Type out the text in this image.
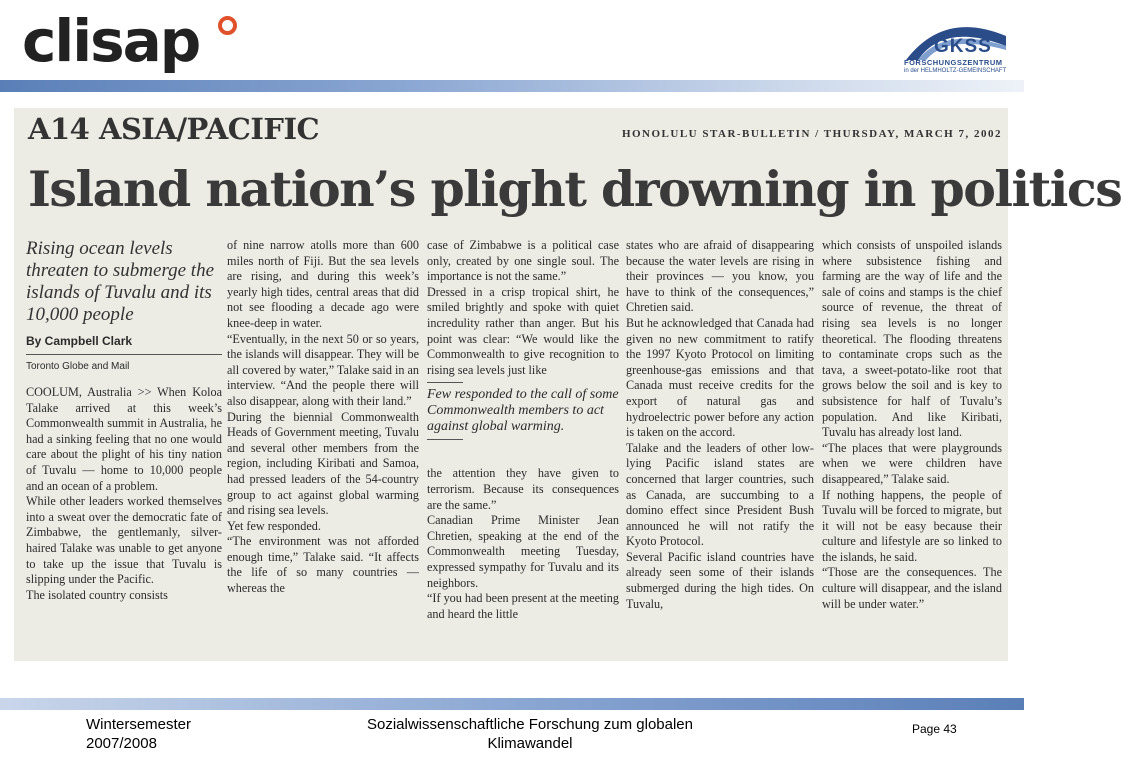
clisap	GKSS
FORSCHUNGSZENTRUM
in der HELMHOLTZ-GEMEINSCHAFT
A14 ASIA/PACIFIC	HONOLULU STAR-BULLETIN / THURSDAY, MARCH 7, 2002
Island nation’s plight drowning in politics

Rising ocean levels threaten to submerge the islands of Tuvalu and its 10,000 people

By Campbell Clark

Toronto Globe and Mail

COOLUM, Australia >> When Koloa Talake arrived at this week’s Commonwealth summit in Australia, he had a sinking feeling that no one would care about the plight of his tiny nation of Tuvalu — home to 10,000 people and an ocean of a problem.

While other leaders worked themselves into a sweat over the democratic fate of Zimbabwe, the gentlemanly, silver-haired Talake was unable to get anyone to take up the issue that Tuvalu is slipping under the Pacific.

The isolated country consists

of nine narrow atolls more than 600 miles north of Fiji. But the sea levels are rising, and during this week’s yearly high tides, central areas that did not see flooding a decade ago were knee-deep in water.

“Eventually, in the next 50 or so years, the islands will disappear. They will be all covered by water,” Talake said in an interview. “And the people there will also disappear, along with their land.”

During the biennial Commonwealth Heads of Government meeting, Tuvalu and several other members from the region, including Kiribati and Samoa, had pressed leaders of the 54-country group to act against global warming and rising sea levels.

Yet few responded.

“The environment was not afforded enough time,” Talake said. “It affects the life of so many countries — whereas the

case of Zimbabwe is a political case only, created by one single soul. The importance is not the same.”

Dressed in a crisp tropical shirt, he smiled brightly and spoke with quiet incredulity rather than anger. But his point was clear: “We would like the Commonwealth to give recognition to rising sea levels just like

Few responded to the call of some Commonwealth members to act against global warming.

the attention they have given to terrorism. Because its consequences are the same.”

Canadian Prime Minister Jean Chretien, speaking at the end of the Commonwealth meeting Tuesday, expressed sympathy for Tuvalu and its neighbors.

“If you had been present at the meeting and heard the little

states who are afraid of disappearing because the water levels are rising in their provinces — you know, you have to think of the consequences,” Chretien said.

But he acknowledged that Canada had given no new commitment to ratify the 1997 Kyoto Protocol on limiting greenhouse-gas emissions and that Canada must receive credits for the export of natural gas and hydroelectric power before any action is taken on the accord.

Talake and the leaders of other low-lying Pacific island states are concerned that larger countries, such as Canada, are succumbing to a domino effect since President Bush announced he will not ratify the Kyoto Protocol.

Several Pacific island countries have already seen some of their islands submerged during the high tides. On Tuvalu,

which consists of unspoiled islands where subsistence fishing and farming are the way of life and the sale of coins and stamps is the chief source of revenue, the threat of rising sea levels is no longer theoretical. The flooding threatens to contaminate crops such as the tava, a sweet-potato-like root that grows below the soil and is key to subsistence for half of Tuvalu’s population. And like Kiribati, Tuvalu has already lost land.

“The places that were playgrounds when we were children have disappeared,” Talake said.

If nothing happens, the people of Tuvalu will be forced to migrate, but it will not be easy because their culture and lifestyle are so linked to the islands, he said.

“Those are the consequences. The culture will disappear, and the island will be under water.”

Wintersemester
2007/2008
Sozialwissenschaftliche Forschung zum globalen Klimawandel
Page 43
